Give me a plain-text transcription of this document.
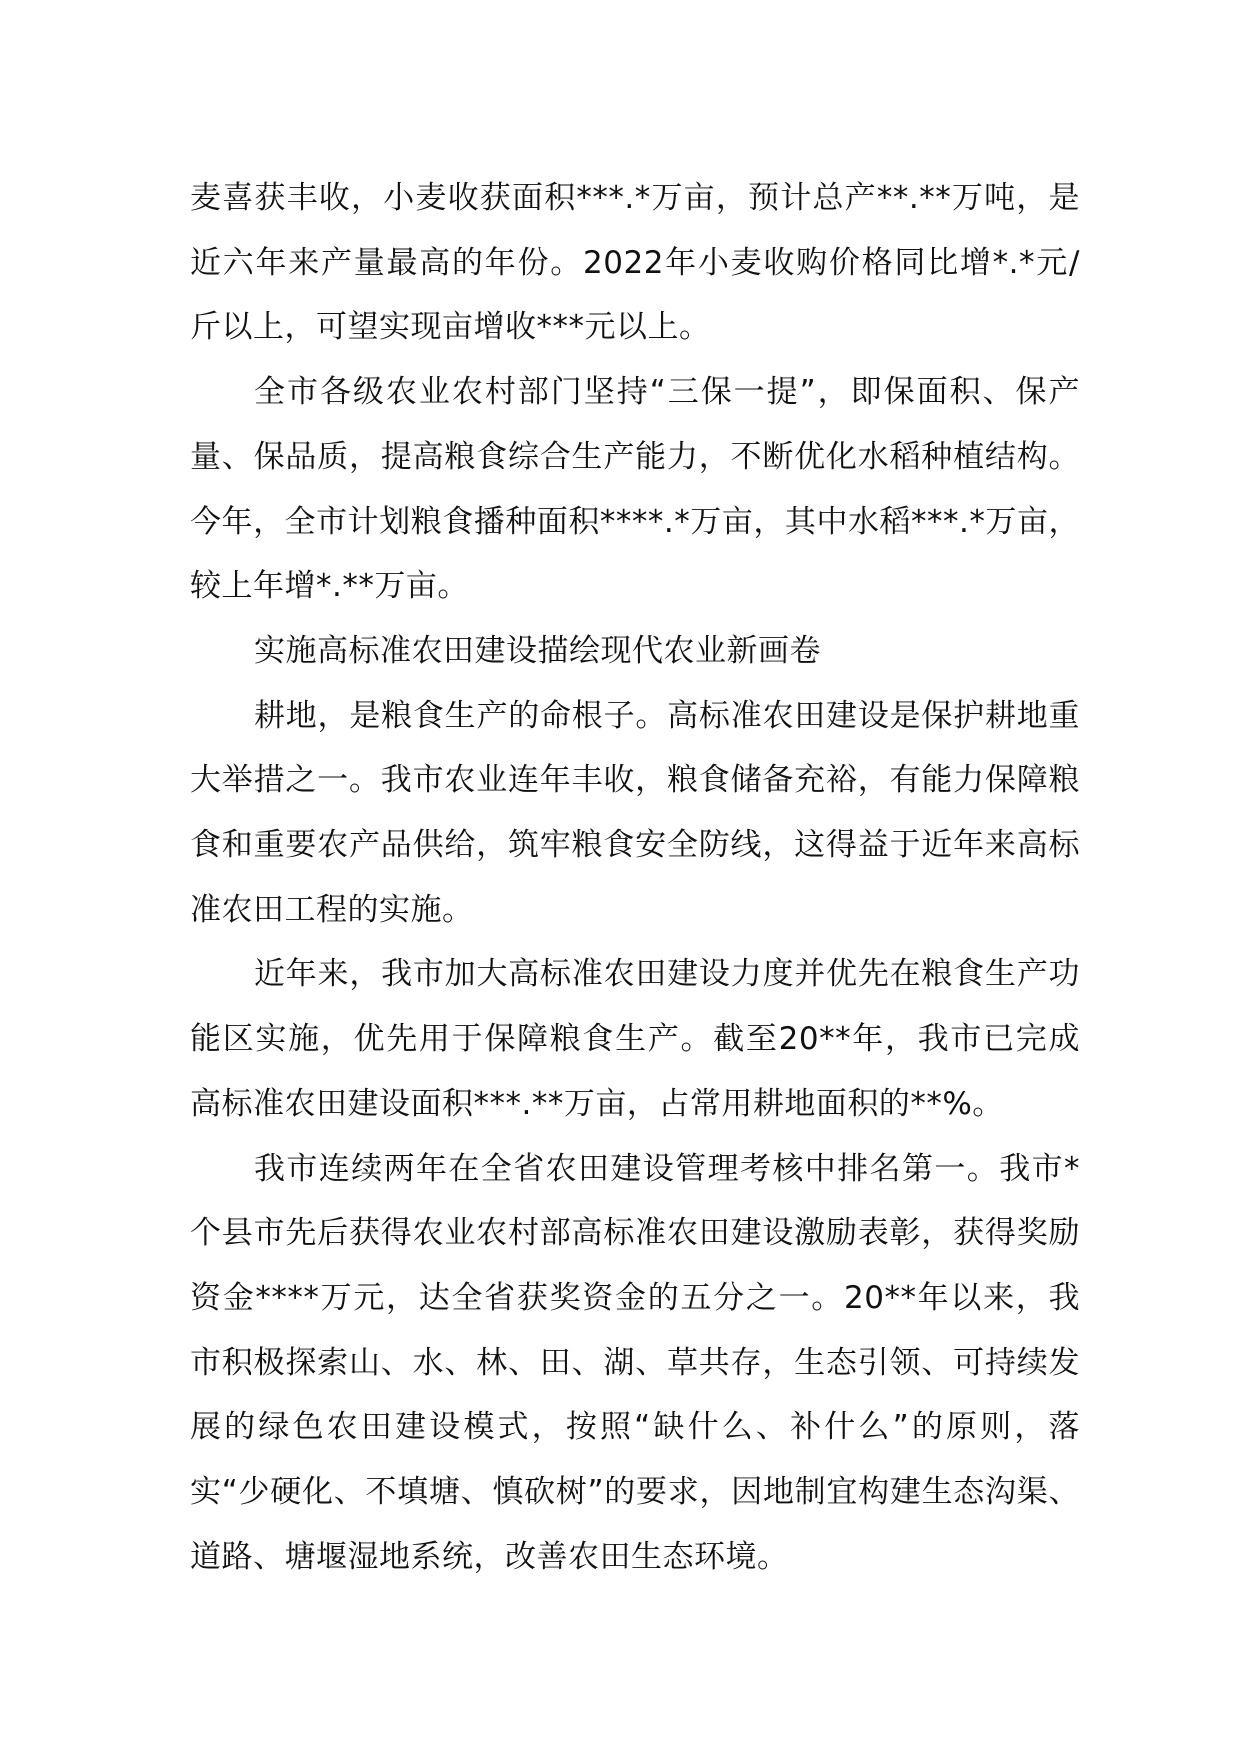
麦喜获丰收，小麦收获面积***.*万亩，预计总产**.**万吨，是近六年来产量最高的年份。2022年小麦收购价格同比增*.*元/斤以上，可望实现亩增收***元以上。

全市各级农业农村部门坚持“三保一提”，即保面积、保产量、保品质，提高粮食综合生产能力，不断优化水稻种植结构。今年，全市计划粮食播种面积****.*万亩，其中水稻***.*万亩，较上年增*.**万亩。

实施高标准农田建设描绘现代农业新画卷

耕地，是粮食生产的命根子。高标准农田建设是保护耕地重大举措之一。我市农业连年丰收，粮食储备充裕，有能力保障粮食和重要农产品供给，筑牢粮食安全防线，这得益于近年来高标准农田工程的实施。

近年来，我市加大高标准农田建设力度并优先在粮食生产功能区实施，优先用于保障粮食生产。截至20**年，我市已完成高标准农田建设面积***.**万亩，占常用耕地面积的**%。

我市连续两年在全省农田建设管理考核中排名第一。我市*个县市先后获得农业农村部高标准农田建设激励表彰，获得奖励资金****万元，达全省获奖资金的五分之一。20**年以来，我市积极探索山、水、林、田、湖、草共存，生态引领、可持续发展的绿色农田建设模式，按照“缺什么、补什么”的原则，落实“少硬化、不填塘、慎砍树”的要求，因地制宜构建生态沟渠、道路、塘堰湿地系统，改善农田生态环境。
